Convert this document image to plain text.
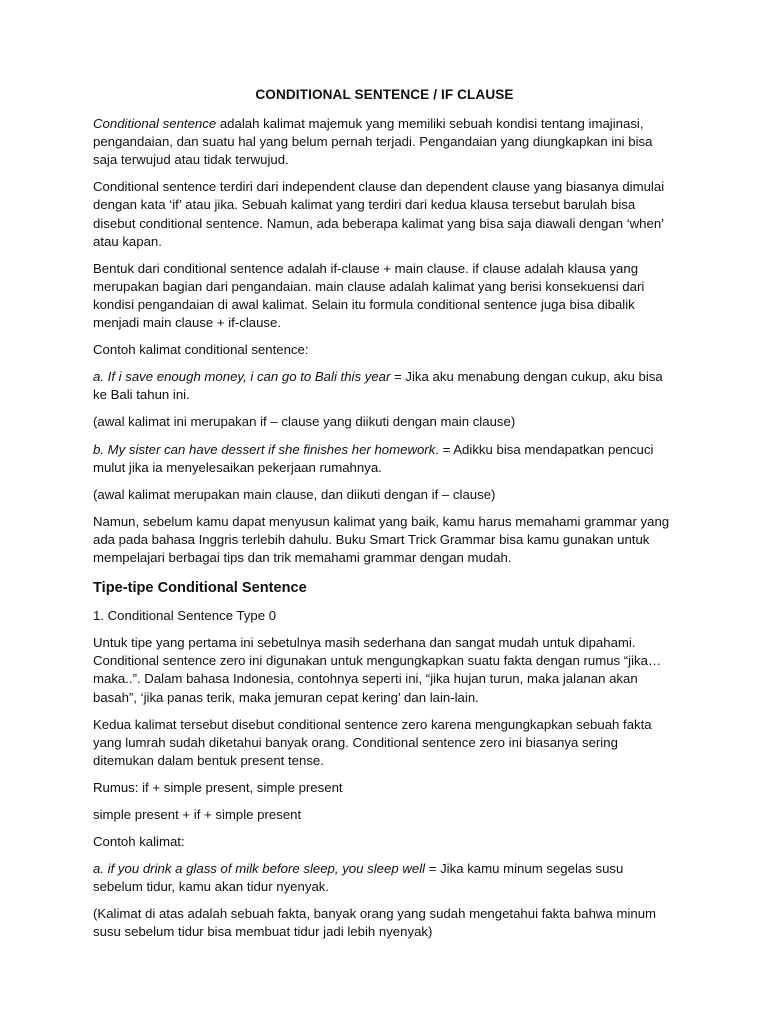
CONDITIONAL SENTENCE / IF CLAUSE

Conditional sentence adalah kalimat majemuk yang memiliki sebuah kondisi tentang imajinasi, pengandaian, dan suatu hal yang belum pernah terjadi. Pengandaian yang diungkapkan ini bisa saja terwujud atau tidak terwujud.

Conditional sentence terdiri dari independent clause dan dependent clause yang biasanya dimulai dengan kata ‘if’ atau jika. Sebuah kalimat yang terdiri dari kedua klausa tersebut barulah bisa disebut conditional sentence. Namun, ada beberapa kalimat yang bisa saja diawali dengan ‘when’ atau kapan.

Bentuk dari conditional sentence adalah if-clause + main clause. if clause adalah klausa yang merupakan bagian dari pengandaian. main clause adalah kalimat yang berisi konsekuensi dari kondisi pengandaian di awal kalimat. Selain itu formula conditional sentence juga bisa dibalik menjadi main clause + if-clause.

Contoh kalimat conditional sentence:

a. If i save enough money, i can go to Bali this year = Jika aku menabung dengan cukup, aku bisa ke Bali tahun ini.

(awal kalimat ini merupakan if – clause yang diikuti dengan main clause)

b. My sister can have dessert if she finishes her homework. = Adikku bisa mendapatkan pencuci mulut jika ia menyelesaikan pekerjaan rumahnya.

(awal kalimat merupakan main clause, dan diikuti dengan if – clause)

Namun, sebelum kamu dapat menyusun kalimat yang baik, kamu harus memahami grammar yang ada pada bahasa Inggris terlebih dahulu. Buku Smart Trick Grammar bisa kamu gunakan untuk mempelajari berbagai tips dan trik memahami grammar dengan mudah.

Tipe-tipe Conditional Sentence

1. Conditional Sentence Type 0

Untuk tipe yang pertama ini sebetulnya masih sederhana dan sangat mudah untuk dipahami. Conditional sentence zero ini digunakan untuk mengungkapkan suatu fakta dengan rumus “jika… maka..”. Dalam bahasa Indonesia, contohnya seperti ini, “jika hujan turun, maka jalanan akan basah”, ‘jika panas terik, maka jemuran cepat kering’ dan lain-lain.

Kedua kalimat tersebut disebut conditional sentence zero karena mengungkapkan sebuah fakta yang lumrah sudah diketahui banyak orang. Conditional sentence zero ini biasanya sering ditemukan dalam bentuk present tense.

Rumus: if + simple present, simple present

simple present + if + simple present

Contoh kalimat:

a. if you drink a glass of milk before sleep, you sleep well = Jika kamu minum segelas susu sebelum tidur, kamu akan tidur nyenyak.

(Kalimat di atas adalah sebuah fakta, banyak orang yang sudah mengetahui fakta bahwa minum susu sebelum tidur bisa membuat tidur jadi lebih nyenyak)
